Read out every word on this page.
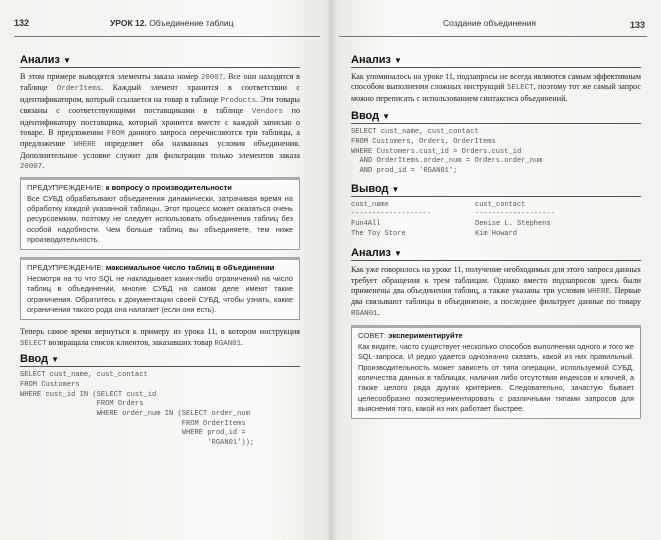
132	УРОК 12. Объединение таблиц
Анализ ▼

В этом примере выводятся элементы заказа номер 20007. Все они находятся в таблице OrderItems. Каждый элемент хранится в соответствии с идентификатором, который ссылается на товар в таблице Products. Эти товары связаны с соответствующими поставщиками в таблице Vendors по идентификатору поставщика, который хранится вместе с каждой записью о товаре. В предложении FROM данного запроса перечисляются три таблицы, а предложение WHERE определяет оба названных условия объединения. Дополнительное условие служит для фильтрации только элементов заказа 20007.

ПРЕДУПРЕЖДЕНИЕ: к вопросу о производительности
Все СУБД обрабатывают объединения динамически, затрачивая время на обработку каждой указанной таблицы. Этот процесс может оказаться очень ресурсоемким, поэтому не следует использовать объединения таблиц без особой надобности. Чем больше таблиц вы объединяете, тем ниже производительность.
ПРЕДУПРЕЖДЕНИЕ: максимальное число таблиц в объединении
Несмотря на то что SQL не накладывает каких-либо ограничений на число таблиц в объединении, многие СУБД на самом деле имеют такие ограничения. Обратитесь к документации своей СУБД, чтобы узнать, какие ограничения такого рода она налагает (если они есть).

Теперь самое время вернуться к примеру из урока 11, в котором инструкция SELECT возвращала список клиентов, заказавших товар RGAN01.

Ввод ▼
SELECT cust_name, cust_contact
FROM Customers
WHERE cust_id IN (SELECT cust_id
FROM Orders
WHERE order_num IN (SELECT order_num
FROM OrderItems
WHERE prod_id =
'RGAN01'));
Создание объединения	133
Анализ ▼

Как упоминалось на уроке 11, подзапросы не всегда являются самым эффективным способом выполнения сложных инструкций SELECT, поэтому тот же самый запрос можно переписать с использованием синтаксиса объединений.

Ввод ▼
SELECT cust_name, cust_contact
FROM Customers, Orders, OrderItems
WHERE Customers.cust_id = Orders.cust_id
AND OrderItems.order_num = Orders.order_num
AND prod_id = 'RGAN01';
Вывод ▼
cust_name	cust_contact
-------------------	-------------------
Fun4All	Denise L. Stephens
The Toy Store	Kim Howard
Анализ ▼

Как уже говорилось на уроке 11, получение необходимых для этого запроса данных требует обращения к трем таблицам. Однако вместо подзапросов здесь были применены два объединения таблиц, а также указаны три условия WHERE. Первые два связывают таблицы в объединение, а последнее фильтрует данные по товару RGAN01.

СОВЕТ: экспериментируйте
Как видите, часто существует несколько способов выполнения одного и того же SQL-запроса. И редко удается однозначно сказать, какой из них правильный. Производительность может зависеть от типа операции, используемой СУБД, количества данных в таблицах, наличия либо отсутствия индексов и ключей, а также целого ряда других критериев. Следовательно, зачастую бывает целесообразно поэкспериментировать с различными типами запросов для выяснения того, какой из них работает быстрее.
